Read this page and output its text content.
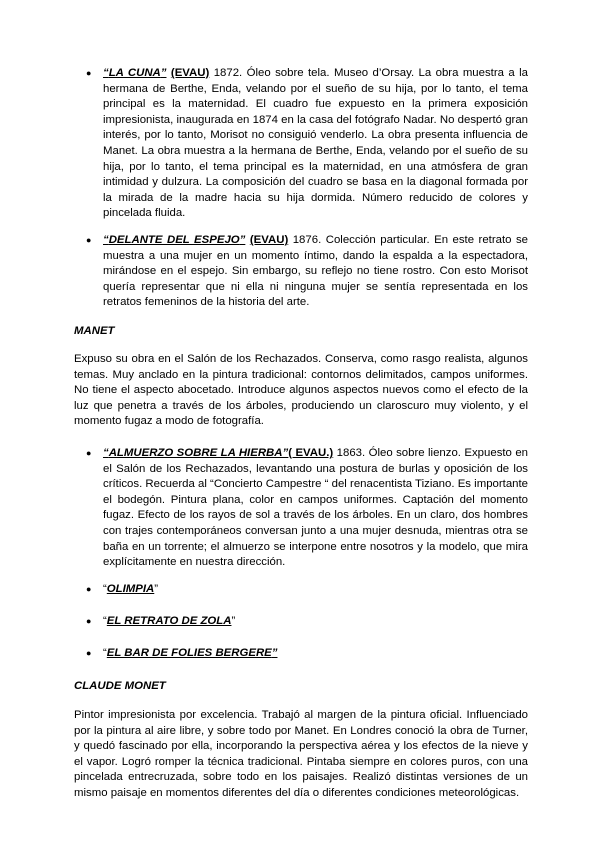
● “LA CUNA” (EVAU) 1872. Óleo sobre tela. Museo d’Orsay. La obra muestra a la hermana de Berthe, Enda, velando por el sueño de su hija, por lo tanto, el tema principal es la maternidad. El cuadro fue expuesto en la primera exposición impresionista, inaugurada en 1874 en la casa del fotógrafo Nadar. No despertó gran interés, por lo tanto, Morisot no consiguió venderlo. La obra presenta influencia de Manet. La obra muestra a la hermana de Berthe, Enda, velando por el sueño de su hija, por lo tanto, el tema principal es la maternidad, en una atmósfera de gran intimidad y dulzura. La composición del cuadro se basa en la diagonal formada por la mirada de la madre hacia su hija dormida. Número reducido de colores y pincelada fluida.
● “DELANTE DEL ESPEJO” (EVAU) 1876. Colección particular. En este retrato se muestra a una mujer en un momento íntimo, dando la espalda a la espectadora, mirándose en el espejo. Sin embargo, su reflejo no tiene rostro. Con esto Morisot quería representar que ni ella ni ninguna mujer se sentía representada en los retratos femeninos de la historia del arte.
MANET
Expuso su obra en el Salón de los Rechazados. Conserva, como rasgo realista, algunos temas. Muy anclado en la pintura tradicional: contornos delimitados, campos uniformes. No tiene el aspecto abocetado. Introduce algunos aspectos nuevos como el efecto de la luz que penetra a través de los árboles, produciendo un claroscuro muy violento, y el momento fugaz a modo de fotografía.
● “ALMUERZO SOBRE LA HIERBA”( EVAU.) 1863. Óleo sobre lienzo. Expuesto en el Salón de los Rechazados, levantando una postura de burlas y oposición de los críticos. Recuerda al “Concierto Campestre “ del renacentista Tiziano. Es importante el bodegón. Pintura plana, color en campos uniformes. Captación del momento fugaz. Efecto de los rayos de sol a través de los árboles. En un claro, dos hombres con trajes contemporáneos conversan junto a una mujer desnuda, mientras otra se baña en un torrente; el almuerzo se interpone entre nosotros y la modelo, que mira explícitamente en nuestra dirección.
● “OLIMPIA”
● “EL RETRATO DE ZOLA”
● “EL BAR DE FOLIES BERGERE”
CLAUDE MONET
Pintor impresionista por excelencia. Trabajó al margen de la pintura oficial. Influenciado por la pintura al aire libre, y sobre todo por Manet. En Londres conoció la obra de Turner, y quedó fascinado por ella, incorporando la perspectiva aérea y los efectos de la nieve y el vapor. Logró romper la técnica tradicional. Pintaba siempre en colores puros, con una pincelada entrecruzada, sobre todo en los paisajes. Realizó distintas versiones de un mismo paisaje en momentos diferentes del día o diferentes condiciones meteorológicas.
